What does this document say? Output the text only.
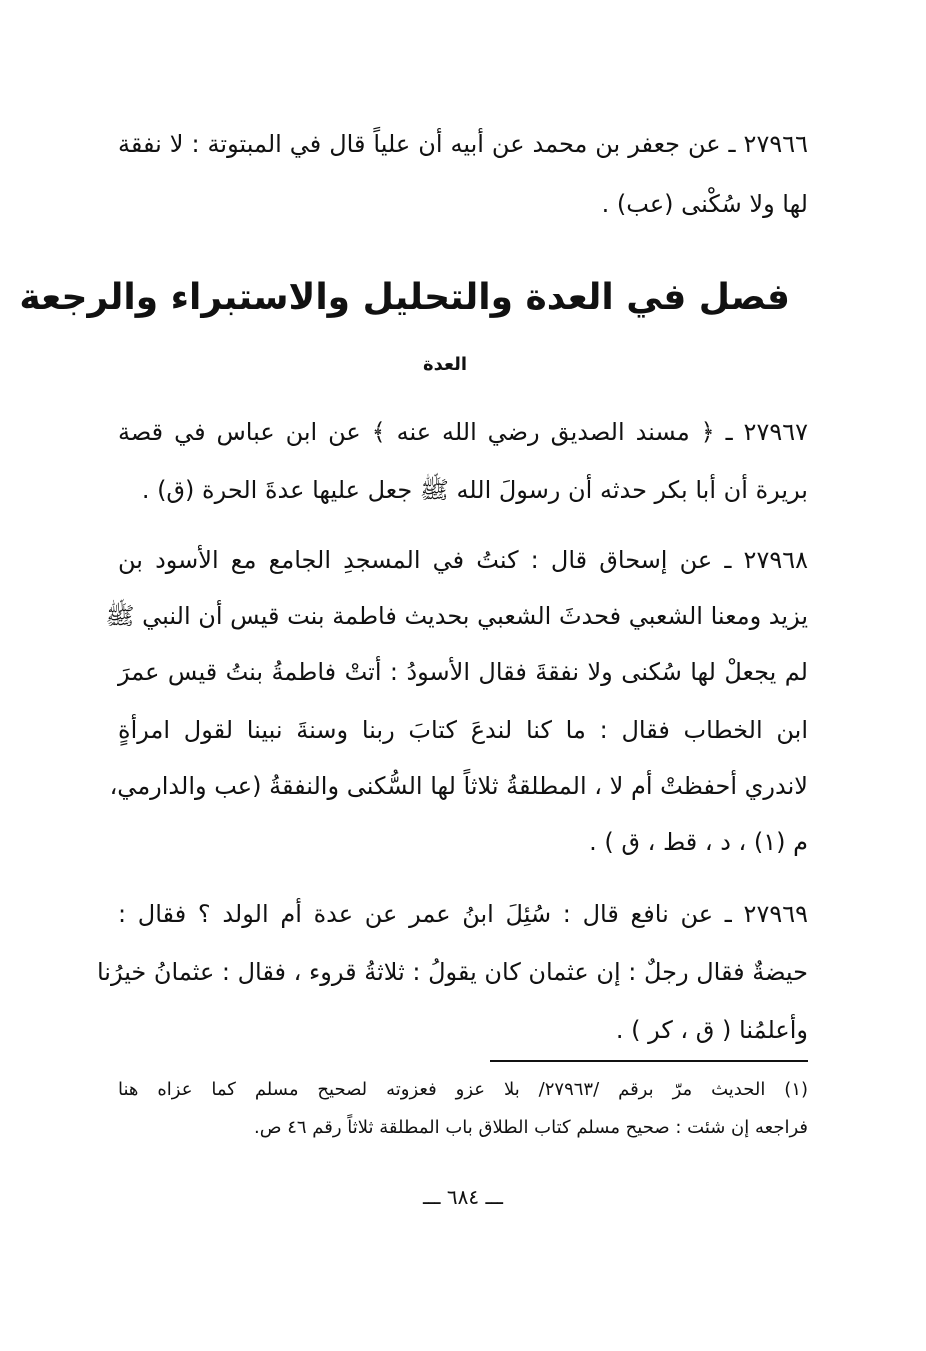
٢٧٩٦٦ ـ عن جعفر بن محمد عن أبيه أن علياً قال في المبتوتة : لا نفقة
لها ولا سُكْنى (عب) .
فصل في العدة والتحليل والاستبراء والرجعة
العدة
٢٧٩٦٧ ـ ﴿ مسند الصديق رضي الله عنه ﴾ عن ابن عباس في قصة
بريرة أن أبا بكر حدثه أن رسولَ الله ﷺ جعل عليها عدةَ الحرة (ق) .
٢٧٩٦٨ ـ عن إسحاق قال : كنتُ في المسجدِ الجامع مع الأسود بن
يزيد ومعنا الشعبي فحدثَ الشعبي بحديث فاطمة بنت قيس أن النبي ﷺ
لم يجعلْ لها سُكنى ولا نفقةَ فقال الأسودُ : أتتْ فاطمةُ بنتُ قيس عمرَ
ابن الخطاب فقال : ما كنا لندعَ كتابَ ربنا وسنةَ نبينا لقول امرأةٍ
لاندري أحفظتْ أم لا ، المطلقةُ ثلاثاً لها السُّكنى والنفقةُ (عب والدارمي،
م (١) ، د ، قط ، ق ) .
٢٧٩٦٩ ـ عن نافع قال : سُئِلَ ابنُ عمر عن عدة أم الولد ؟ فقال :
حيضةٌ فقال رجلٌ : إن عثمان كان يقولُ : ثلاثةُ قروء ، فقال : عثمانُ خيرُنا
وأعلمُنا ( ق ، كر ) .
(١) الحديث مرّ برقم /٢٧٩٦٣/ بلا عزو فعزوته لصحيح مسلم كما عزاه هنا
فراجعه إن شئت : صحيح مسلم كتاب الطلاق باب المطلقة ثلاثاً رقم ٤٦ ص.
ـــ ٦٨٤ ـــ
